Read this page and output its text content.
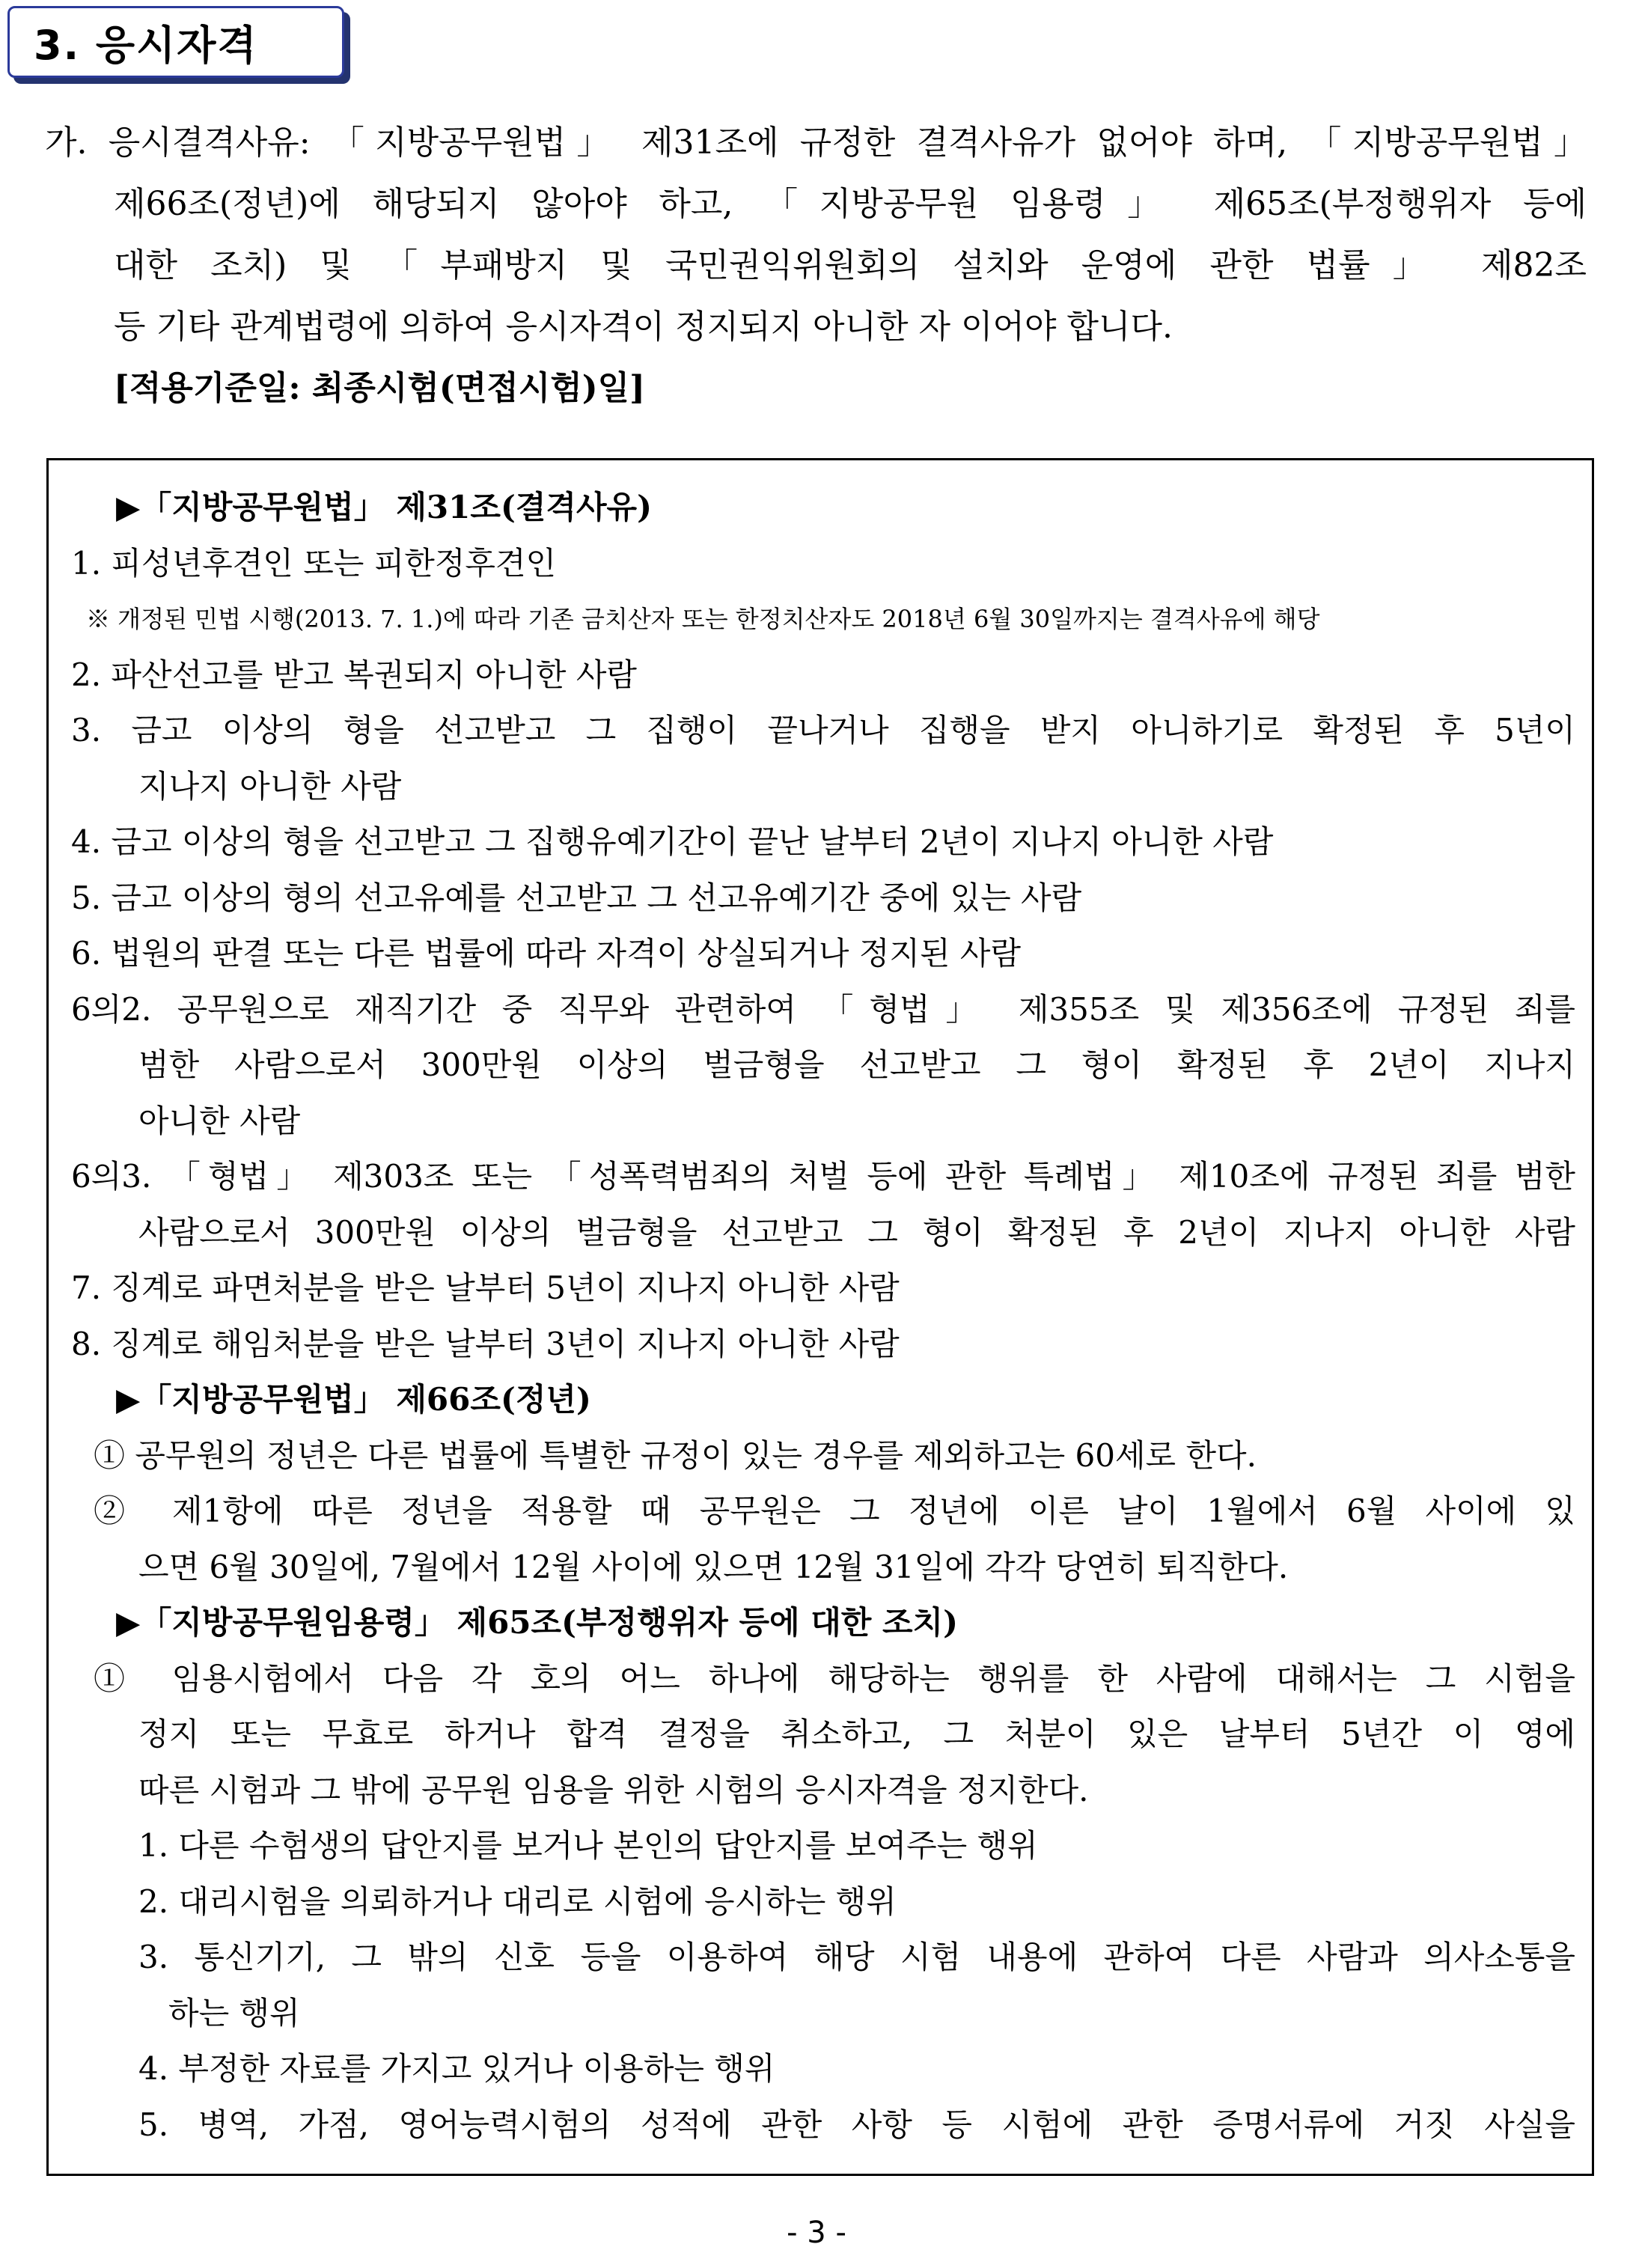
3. 응시자격
가. 응시결격사유: 「지방공무원법」 제31조에 규정한 결격사유가 없어야 하며, 「지방공무원법」
제66조(정년)에 해당되지 않아야 하고, 「지방공무원 임용령」 제65조(부정행위자 등에
대한 조치) 및 「부패방지 및 국민권익위원회의 설치와 운영에 관한 법률」 제82조
등 기타 관계법령에 의하여 응시자격이 정지되지 아니한 자 이어야 합니다.
[적용기준일: 최종시험(면접시험)일]
▶「지방공무원법」 제31조(결격사유)
1. 피성년후견인 또는 피한정후견인
※ 개정된 민법 시행(2013. 7. 1.)에 따라 기존 금치산자 또는 한정치산자도 2018년 6월 30일까지는 결격사유에 해당
2. 파산선고를 받고 복권되지 아니한 사람
3. 금고 이상의 형을 선고받고 그 집행이 끝나거나 집행을 받지 아니하기로 확정된 후 5년이
지나지 아니한 사람
4. 금고 이상의 형을 선고받고 그 집행유예기간이 끝난 날부터 2년이 지나지 아니한 사람
5. 금고 이상의 형의 선고유예를 선고받고 그 선고유예기간 중에 있는 사람
6. 법원의 판결 또는 다른 법률에 따라 자격이 상실되거나 정지된 사람
6의2. 공무원으로 재직기간 중 직무와 관련하여 「형법」 제355조 및 제356조에 규정된 죄를
범한 사람으로서 300만원 이상의 벌금형을 선고받고 그 형이 확정된 후 2년이 지나지
아니한 사람
6의3. 「형법」 제303조 또는 「성폭력범죄의 처벌 등에 관한 특례법」 제10조에 규정된 죄를 범한
사람으로서 300만원 이상의 벌금형을 선고받고 그 형이 확정된 후 2년이 지나지 아니한 사람
7. 징계로 파면처분을 받은 날부터 5년이 지나지 아니한 사람
8. 징계로 해임처분을 받은 날부터 3년이 지나지 아니한 사람
▶「지방공무원법」 제66조(정년)
① 공무원의 정년은 다른 법률에 특별한 규정이 있는 경우를 제외하고는 60세로 한다.
② 제1항에 따른 정년을 적용할 때 공무원은 그 정년에 이른 날이 1월에서 6월 사이에 있
으면 6월 30일에, 7월에서 12월 사이에 있으면 12월 31일에 각각 당연히 퇴직한다.
▶「지방공무원임용령」 제65조(부정행위자 등에 대한 조치)
① 임용시험에서 다음 각 호의 어느 하나에 해당하는 행위를 한 사람에 대해서는 그 시험을
정지 또는 무효로 하거나 합격 결정을 취소하고, 그 처분이 있은 날부터 5년간 이 영에
따른 시험과 그 밖에 공무원 임용을 위한 시험의 응시자격을 정지한다.
1. 다른 수험생의 답안지를 보거나 본인의 답안지를 보여주는 행위
2. 대리시험을 의뢰하거나 대리로 시험에 응시하는 행위
3. 통신기기, 그 밖의 신호 등을 이용하여 해당 시험 내용에 관하여 다른 사람과 의사소통을
하는 행위
4. 부정한 자료를 가지고 있거나 이용하는 행위
5. 병역, 가점, 영어능력시험의 성적에 관한 사항 등 시험에 관한 증명서류에 거짓 사실을
- 3 -
